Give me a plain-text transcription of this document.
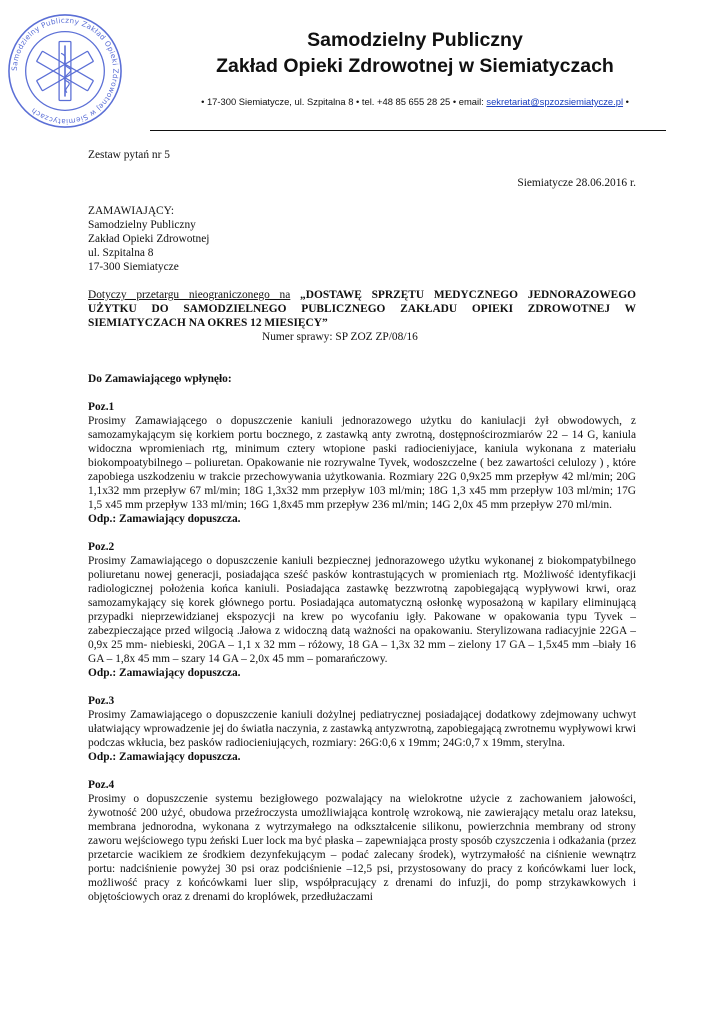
Samodzielny Publiczny Zakład Opieki Zdrowotnej w Siemiatyczach
Samodzielny Publiczny
Zakład Opieki Zdrowotnej w Siemiatyczach
• 17-300 Siemiatycze, ul. Szpitalna 8 • tel. +48 85 655 28 25 • email: sekretariat@spzozsiemiatycze.pl •

Zestaw pytań nr 5

Siemiatycze 28.06.2016 r.

ZAMAWIAJĄCY:

Samodzielny Publiczny

Zakład Opieki Zdrowotnej

ul. Szpitalna 8

17-300 Siemiatycze

Dotyczy przetargu nieograniczonego na „DOSTAWĘ SPRZĘTU MEDYCZNEGO JEDNORAZOWEGO UŻYTKU DO SAMODZIELNEGO PUBLICZNEGO ZAKŁADU OPIEKI ZDROWOTNEJ W SIEMIATYCZACH NA OKRES 12 MIESIĘCY”

Numer sprawy: SP ZOZ ZP/08/16

Do Zamawiającego wpłynęło:

Poz.1

Prosimy Zamawiającego o dopuszczenie kaniuli jednorazowego użytku do kaniulacji żył obwodowych, z samozamykającym się korkiem portu bocznego, z zastawką anty zwrotną, dostępnościrozmiarów 22 – 14 G, kaniula widoczna wpromieniach rtg, minimum cztery wtopione paski radiocieniyjace, kaniula wykonana z materiału biokompoatybilnego – poliuretan. Opakowanie nie rozrywalne Tyvek, wodoszczelne ( bez zawartości celulozy ) , które zapobiega uszkodzeniu w trakcie przechowywania użytkowania. Rozmiary 22G 0,9x25 mm przepływ 42 ml/min; 20G 1,1x32 mm przepływ 67 ml/min; 18G 1,3x32 mm przepływ 103 ml/min; 18G 1,3 x45 mm przepływ 103 ml/min; 17G 1,5 x45 mm przepływ 133 ml/min; 16G 1,8x45 mm przepływ 236 ml/min; 14G 2,0x 45 mm przepływ 270 ml/min.

Odp.: Zamawiający dopuszcza.

Poz.2

Prosimy Zamawiającego o dopuszczenie kaniuli bezpiecznej jednorazowego użytku wykonanej z biokompatybilnego poliuretanu nowej generacji, posiadająca sześć pasków kontrastujących w promieniach rtg. Możliwość identyfikacji radiologicznej położenia końca kaniuli. Posiadająca zastawkę bezzwrotną zapobiegającą wypływowi krwi, oraz samozamykający się korek głównego portu. Posiadająca automatyczną osłonkę wyposażoną w kapilary eliminującą przypadki nieprzewidzianej ekspozycji na krew po wycofaniu igły. Pakowane w opakowania typu Tyvek – zabezpieczające przed wilgocią .Jałowa z widoczną datą ważności na opakowaniu. Sterylizowana radiacyjnie 22GA – 0,9x 25 mm- niebieski, 20GA – 1,1 x 32 mm – różowy, 18 GA – 1,3x 32 mm – zielony 17 GA – 1,5x45 mm –biały 16 GA – 1,8x 45 mm – szary 14 GA – 2,0x 45 mm – pomarańczowy.

Odp.: Zamawiający dopuszcza.

Poz.3

Prosimy Zamawiającego o dopuszczenie kaniuli dożylnej pediatrycznej posiadającej dodatkowy zdejmowany uchwyt ułatwiający wprowadzenie jej do światła naczynia, z zastawką antyzwrotną, zapobiegającą zwrotnemu wypływowi krwi podczas wkłucia, bez pasków radiocieniujących, rozmiary: 26G:0,6 x 19mm; 24G:0,7 x 19mm, sterylna.

Odp.: Zamawiający dopuszcza.

Poz.4

Prosimy o dopuszczenie systemu bezigłowego pozwalający na wielokrotne użycie z zachowaniem jałowości, żywotność 200 użyć, obudowa przeźroczysta umożliwiająca kontrolę wzrokową, nie zawierający metalu oraz lateksu, membrana jednorodna, wykonana z wytrzymałego na odkształcenie silikonu, powierzchnia membrany od strony zaworu wejściowego typu żeński Luer lock ma być płaska – zapewniająca prosty sposób czyszczenia i odkażania (przez przetarcie wacikiem ze środkiem dezynfekującym – podać zalecany środek), wytrzymałość na ciśnienie wewnątrz portu: nadciśnienie powyżej 30 psi oraz podciśnienie –12,5 psi, przystosowany do pracy z końcówkami luer lock, możliwość pracy z końcówkami luer slip, współpracujący z drenami do infuzji, do pomp strzykawkowych i objętościowych oraz z drenami do kroplówek, przedłużaczami
